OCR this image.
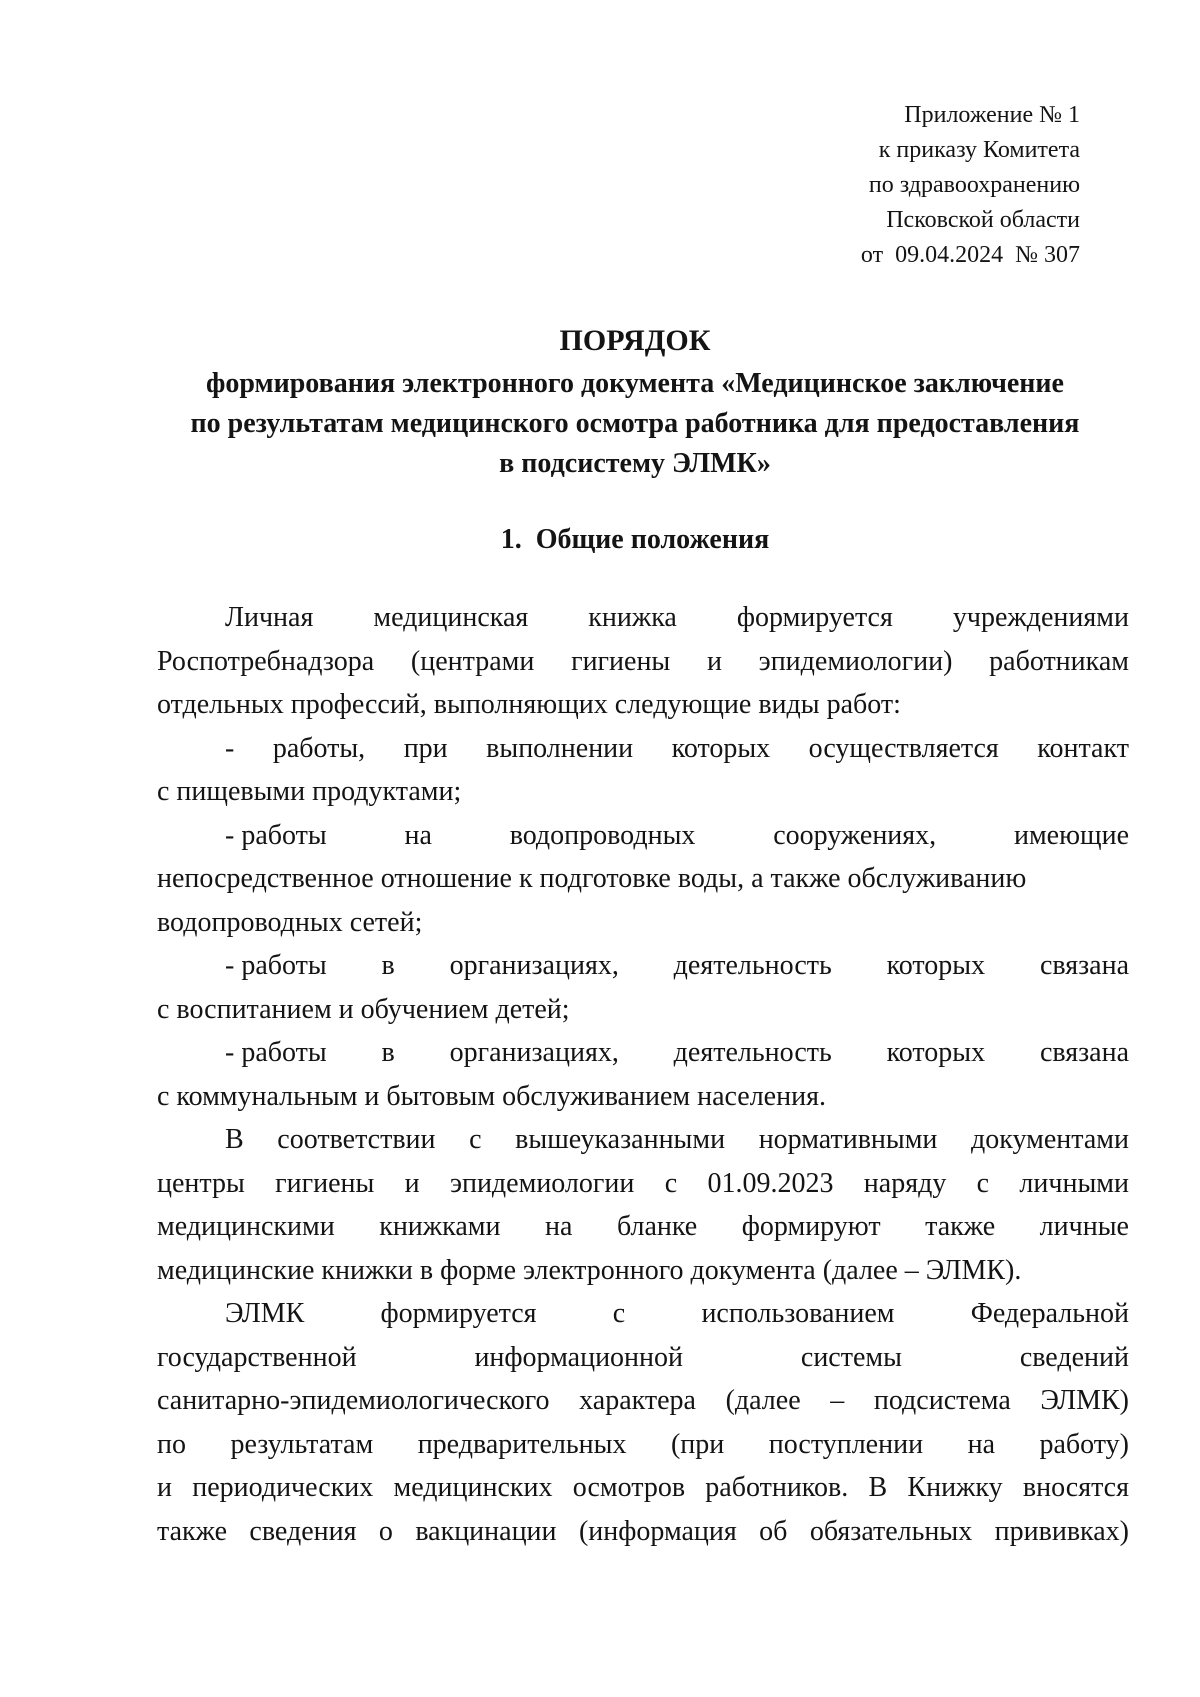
Приложение № 1
к приказу Комитета
по здравоохранению
Псковской области
от  09.04.2024  № 307
ПОРЯДОК
формирования электронного документа «Медицинское заключение
по результатам медицинского осмотра работника для предоставления
в подсистему ЭЛМК»
1.  Общие положения
Личная медицинская книжка формируется учреждениями
Роспотребнадзора (центрами гигиены и эпидемиологии) работникам
отдельных профессий, выполняющих следующие виды работ:
- работы, при выполнении которых осуществляется контакт
с пищевыми продуктами;
- работы	на	водопроводных	сооружениях,	имеющие
непосредственное отношение к подготовке воды, а также обслуживанию
водопроводных сетей;
- работы в организациях, деятельность которых связана
с воспитанием и обучением детей;
- работы в организациях, деятельность которых связана
с коммунальным и бытовым обслуживанием населения.
В соответствии с вышеуказанными нормативными документами
центры гигиены и эпидемиологии с 01.09.2023 наряду с личными
медицинскими книжками на бланке формируют также личные
медицинские книжки в форме электронного документа (далее – ЭЛМК).
ЭЛМК	формируется	с	использованием	Федеральной
государственной	информационной	системы	сведений
санитарно-эпидемиологического характера (далее – подсистема ЭЛМК)
по результатам предварительных (при поступлении на работу)
и периодических медицинских осмотров работников. В Книжку вносятся
также сведения о вакцинации (информация об обязательных прививках)
